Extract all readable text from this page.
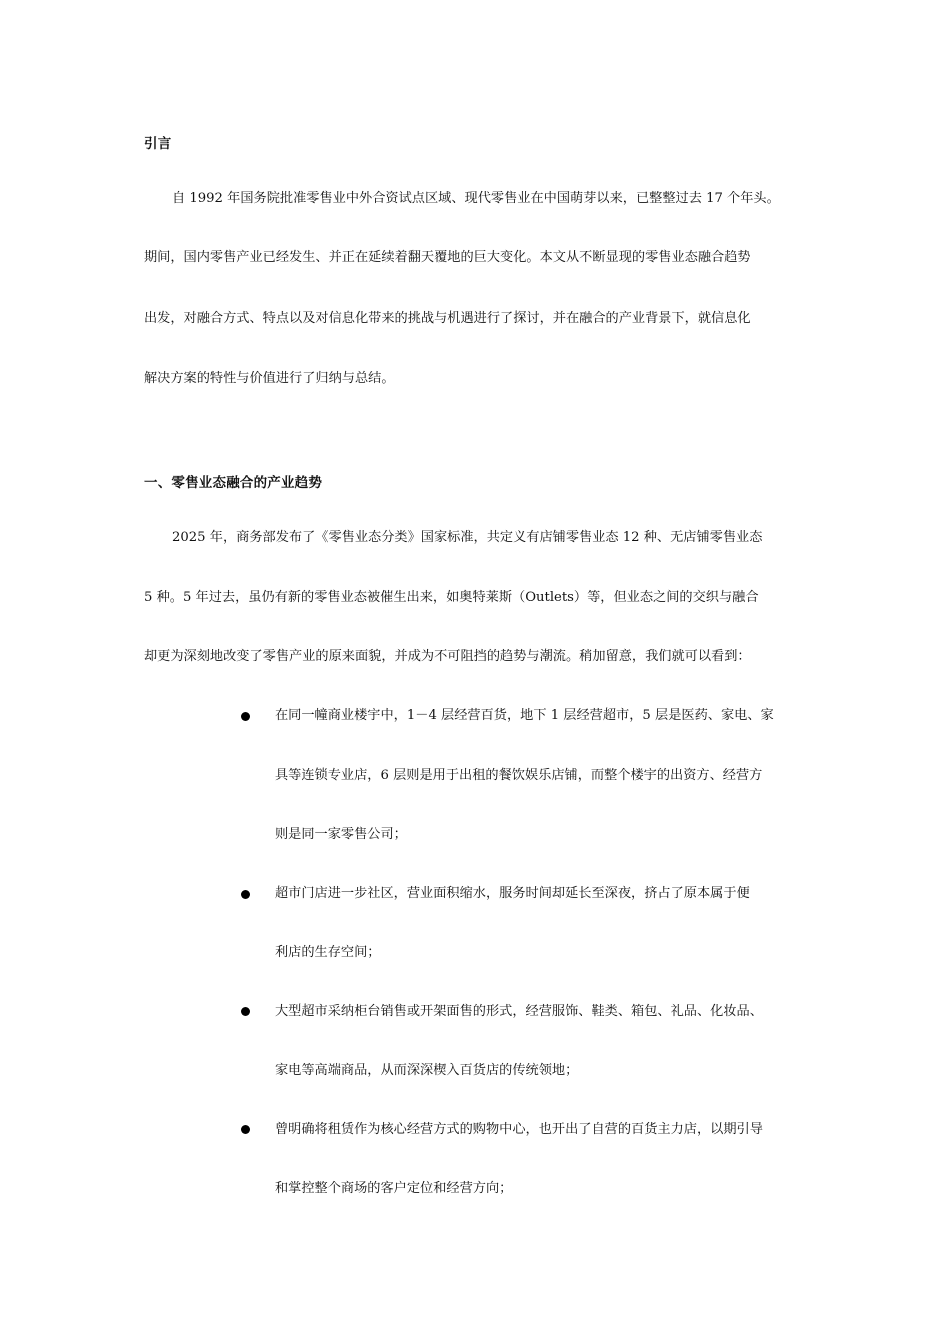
引言
自 1992 年国务院批准零售业中外合资试点区域、现代零售业在中国萌芽以来，已整整过去 17 个年头。
期间，国内零售产业已经发生、并正在延续着翻天覆地的巨大变化。本文从不断显现的零售业态融合趋势
出发，对融合方式、特点以及对信息化带来的挑战与机遇进行了探讨，并在融合的产业背景下，就信息化
解决方案的特性与价值进行了归纳与总结。
一、零售业态融合的产业趋势
2025 年，商务部发布了《零售业态分类》国家标准，共定义有店铺零售业态 12 种、无店铺零售业态
5 种。5 年过去，虽仍有新的零售业态被催生出来，如奥特莱斯（Outlets）等，但业态之间的交织与融合
却更为深刻地改变了零售产业的原来面貌，并成为不可阻挡的趋势与潮流。稍加留意，我们就可以看到：
在同一幢商业楼宇中，1－4 层经营百货，地下 1 层经营超市，5 层是医药、家电、家
具等连锁专业店，6 层则是用于出租的餐饮娱乐店铺，而整个楼宇的出资方、经营方
则是同一家零售公司；
超市门店进一步社区，营业面积缩水，服务时间却延长至深夜，挤占了原本属于便
利店的生存空间；
大型超市采纳柜台销售或开架面售的形式，经营服饰、鞋类、箱包、礼品、化妆品、
家电等高端商品，从而深深楔入百货店的传统领地；
曾明确将租赁作为核心经营方式的购物中心，也开出了自营的百货主力店，以期引导
和掌控整个商场的客户定位和经营方向；
